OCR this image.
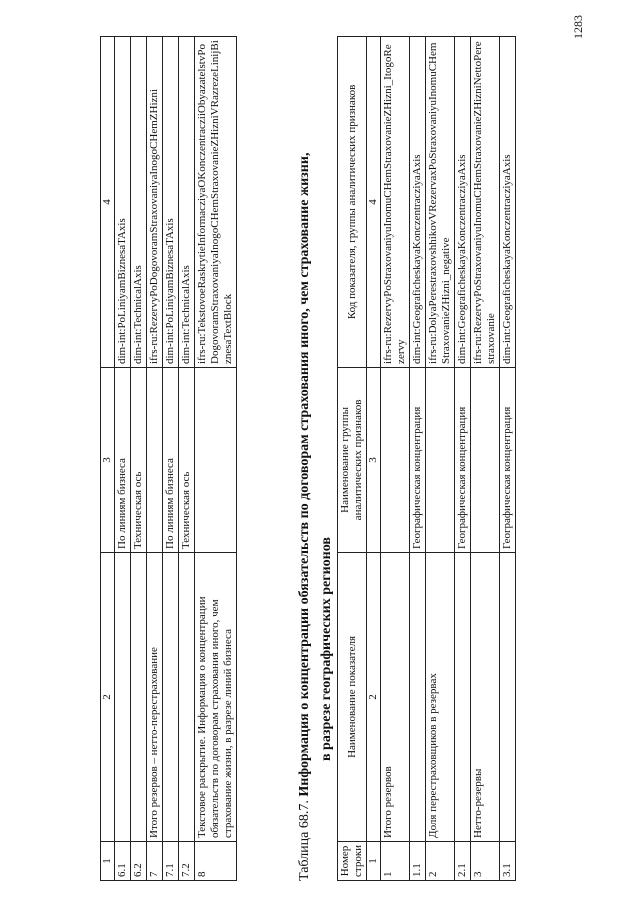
1	2	3	4
6.1		По линиям бизнеса	dim-int:PoLiniyamBiznesaTAxis
6.2		Техническая ось	dim-int:TechnicalAxis
7	Итого резервов – нетто-перестрахование		ifrs-ru:RezervyPoDogovoramStraxovaniyaInogoCHemZHizni
7.1		По линиям бизнеса	dim-int:PoLiniyamBiznesaTAxis
7.2		Техническая ось	dim-int:TechnicalAxis
8	Текстовое раскрытие. Информация о концентрации обязательств по договорам страхования иного, чем страхование жизни, в разрезе линий бизнеса		ifrs-ru:TekstovoeRaskrytieInformacziyaOKonczentracziiObyazatelstvPoDogovoramStraxovaniyaInogoCHemStraxovanieZHizniVRazrezeLinijBiznesaTextBlock
Таблица 68.7. Информация о концентрации обязательств по договорам страхования иного, чем страхование жизни, в разрезе географических регионов
Номер строки	Наименование показателя	Наименование группы аналитических признаков	Код показателя, группы аналитических признаков
1	2	3	4
1	Итого резервов		ifrs-ru:RezervyPoStraxovaniyuInomuCHemStraxovanieZHizni_ItogoRezervy
1.1		Географическая концентрация	dim-int:GeograficheskayaKonczentracziyaAxis
2	Доля перестраховщиков в резервах		ifrs-ru:DolyaPerestraxovshhikovVRezervaxPoStraxovaniyuInomuCHemStraxovanieZHizni_negative
2.1		Географическая концентрация	dim-int:GeograficheskayaKonczentracziyaAxis
3	Нетто-резервы		ifrs-ru:RezervyPoStraxovaniyuInomuCHemStraxovanieZHizniNettoPerestraxovanie
3.1		Географическая концентрация	dim-int:GeograficheskayaKonczentracziyaAxis
1283
